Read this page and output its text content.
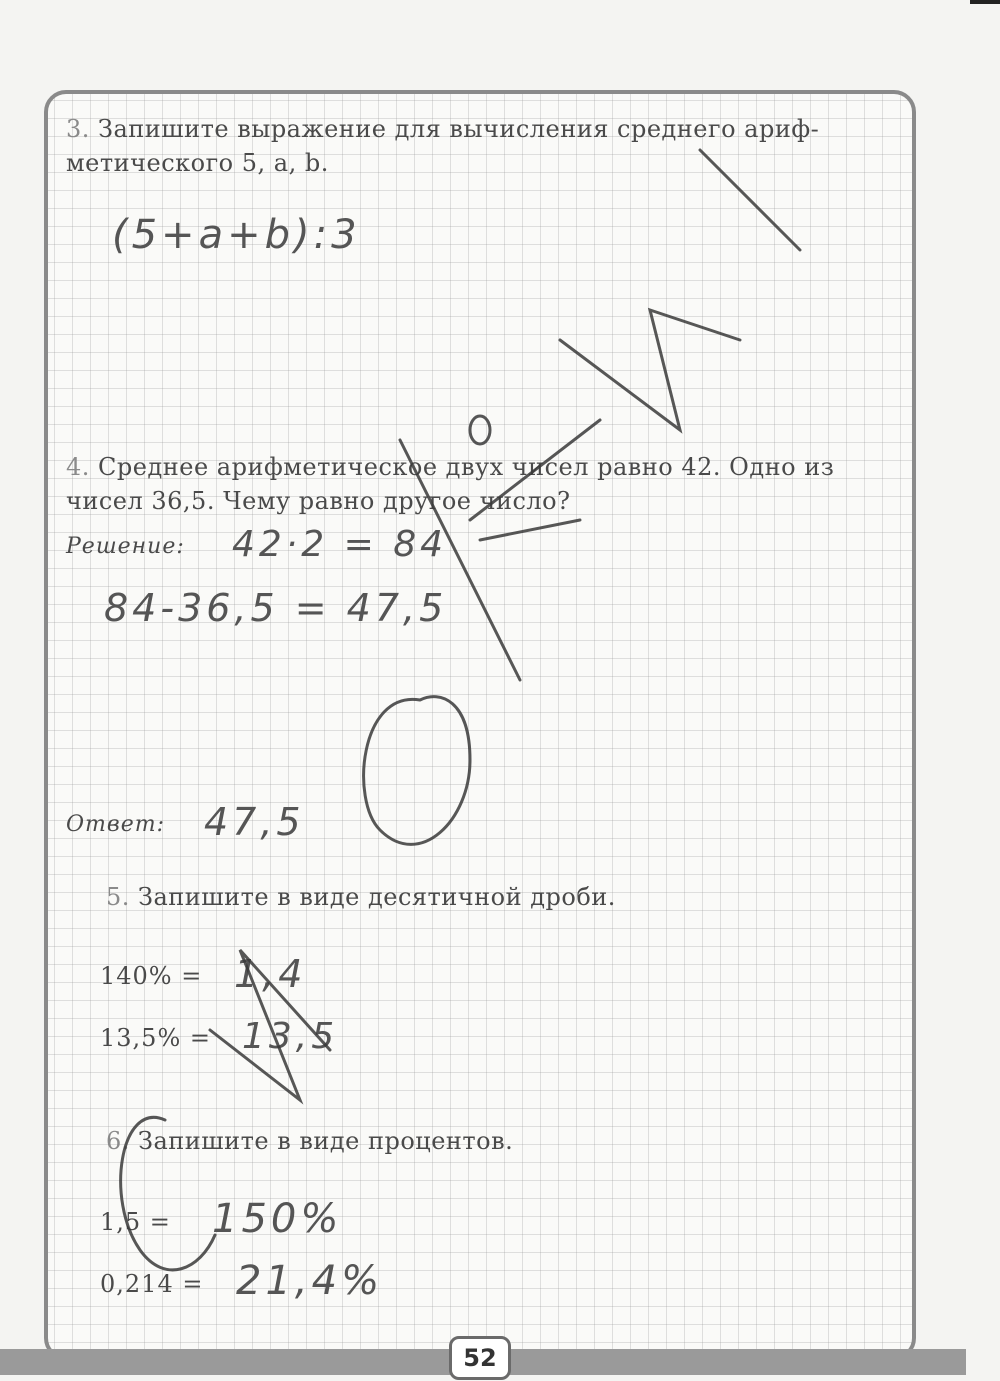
3. Запишите выражение для вычисления среднего ариф-метического 5, a, b.

(5+a+b):3

4. Среднее арифметическое двух чисел равно 42. Одно из чисел 36,5. Чему равно другое число?

Решение: 42·2 = 84
84-36,5 = 47,5
Ответ: 47,5

5. Запишите в виде десятичной дроби.

140% = 1,4
13,5% = 13,5

6. Запишите в виде процентов.

1,5 = 150%
0,214 = 21,4%
52
